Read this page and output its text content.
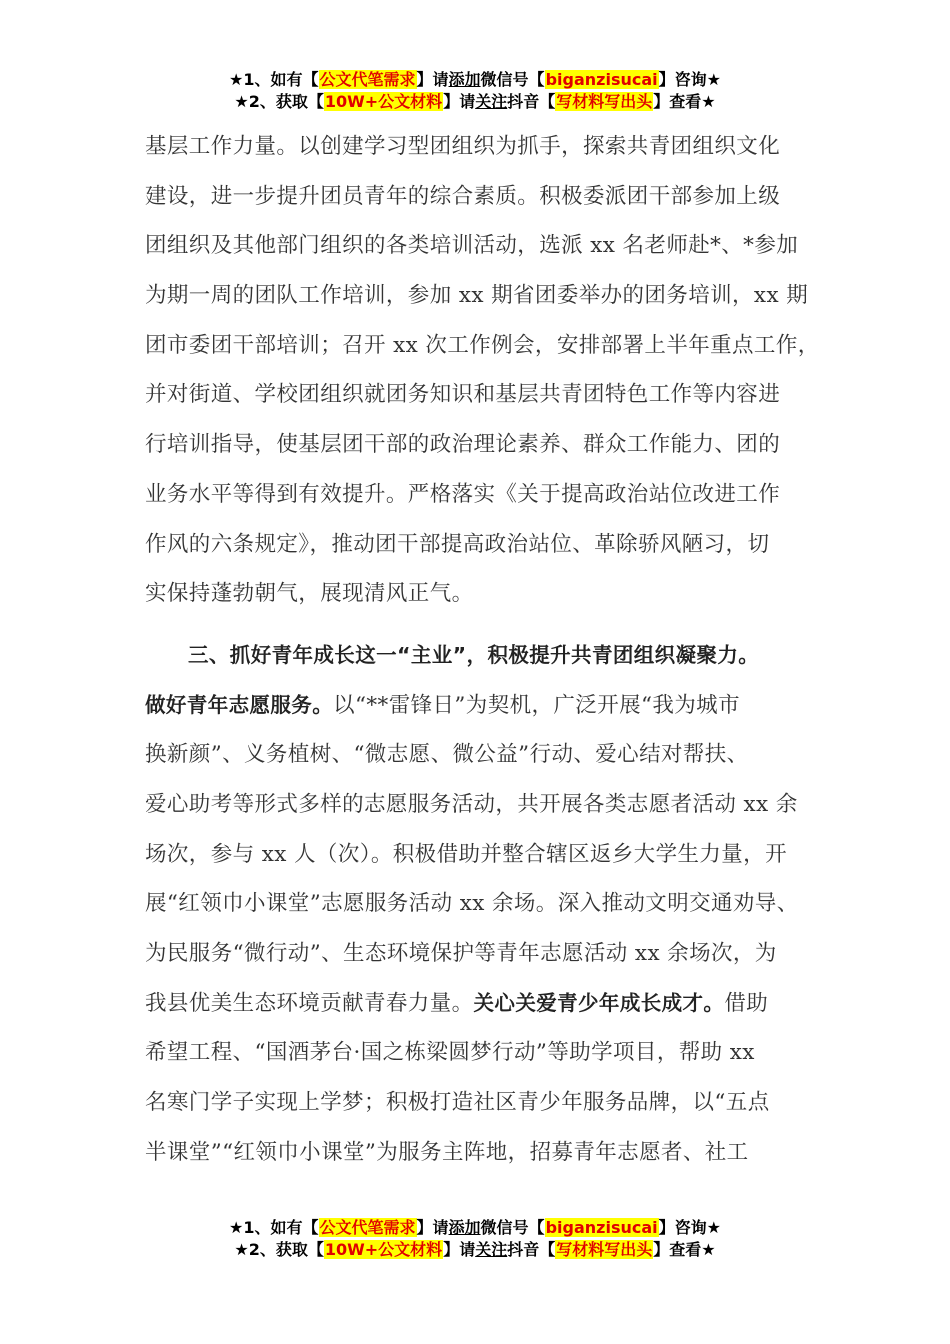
★1、如有【公文代笔需求】请添加微信号【biganzisucai】咨询★
★2、获取【10W+公文材料】请关注抖音【写材料写出头】查看★
基层工作力量。以创建学习型团组织为抓手，探索共青团组织文化
建设，进一步提升团员青年的综合素质。积极委派团干部参加上级
团组织及其他部门组织的各类培训活动，选派 xx 名老师赴*、*参加
为期一周的团队工作培训，参加 xx 期省团委举办的团务培训，xx 期
团市委团干部培训；召开 xx 次工作例会，安排部署上半年重点工作，
并对街道、学校团组织就团务知识和基层共青团特色工作等内容进
行培训指导，使基层团干部的政治理论素养、群众工作能力、团的
业务水平等得到有效提升。严格落实《关于提高政治站位改进工作
作风的六条规定》，推动团干部提高政治站位、革除骄风陋习，切
实保持蓬勃朝气，展现清风正气。
三、抓好青年成长这一“主业”，积极提升共青团组织凝聚力。
做好青年志愿服务。以“**雷锋日”为契机，广泛开展“我为城市
换新颜”、义务植树、“微志愿、微公益”行动、爱心结对帮扶、
爱心助考等形式多样的志愿服务活动，共开展各类志愿者活动 xx 余
场次，参与 xx 人（次）。积极借助并整合辖区返乡大学生力量，开
展“红领巾小课堂”志愿服务活动 xx 余场。深入推动文明交通劝导、
为民服务“微行动”、生态环境保护等青年志愿活动 xx 余场次，为
我县优美生态环境贡献青春力量。关心关爱青少年成长成才。借助
希望工程、“国酒茅台·国之栋梁圆梦行动”等助学项目，帮助 xx
名寒门学子实现上学梦；积极打造社区青少年服务品牌，以“五点
半课堂”“红领巾小课堂”为服务主阵地，招募青年志愿者、社工
★1、如有【公文代笔需求】请添加微信号【biganzisucai】咨询★
★2、获取【10W+公文材料】请关注抖音【写材料写出头】查看★
